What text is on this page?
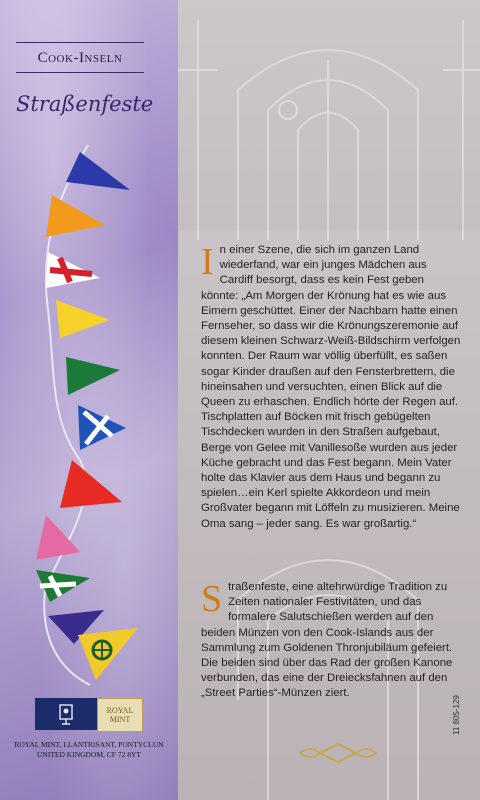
Cook-Inseln
Straßenfeste
ROYAL
MINT
ROYAL MINT, LLANTRISANT, PONTYCLUN
UNITED KINGDOM, CF 72 8YT
I n einer Szene, die sich im ganzen Land wiederfand, war ein junges Mädchen aus Cardiff besorgt, dass es kein Fest geben könnte: „Am Morgen der Krönung hat es wie aus Eimern geschüttet. Einer der Nachbarn hatte einen Fernseher, so dass wir die Krönungszeremonie auf diesem kleinen Schwarz-Weiß-Bildschirm verfolgen konnten. Der Raum war völlig überfüllt, es saßen sogar Kinder draußen auf den Fensterbrettern, die hineinsahen und versuchten, einen Blick auf die Queen zu erhaschen. Endlich hörte der Regen auf. Tischplatten auf Böcken mit frisch gebügelten Tischdecken wurden in den Straßen aufgebaut, Berge von Gelee mit Vanillesoße wurden aus jeder Küche gebracht und das Fest begann. Mein Vater holte das Klavier aus dem Haus und begann zu spielen…ein Kerl spielte Akkordeon und mein Großvater begann mit Löffeln zu musizieren. Meine Oma sang – jeder sang. Es war großartig.“
S traßenfeste, eine altehrwürdige Tradition zu Zeiten nationaler Festivitäten, und das formalere Salutschießen werden auf den beiden Münzen von den Cook-Islands aus der Sammlung zum Goldenen Thronjubiläum gefeiert. Die beiden sind über das Rad der großen Kanone verbunden, das eine der Dreiecksfahnen auf den „Street Parties“-Münzen ziert.
11 805-129
